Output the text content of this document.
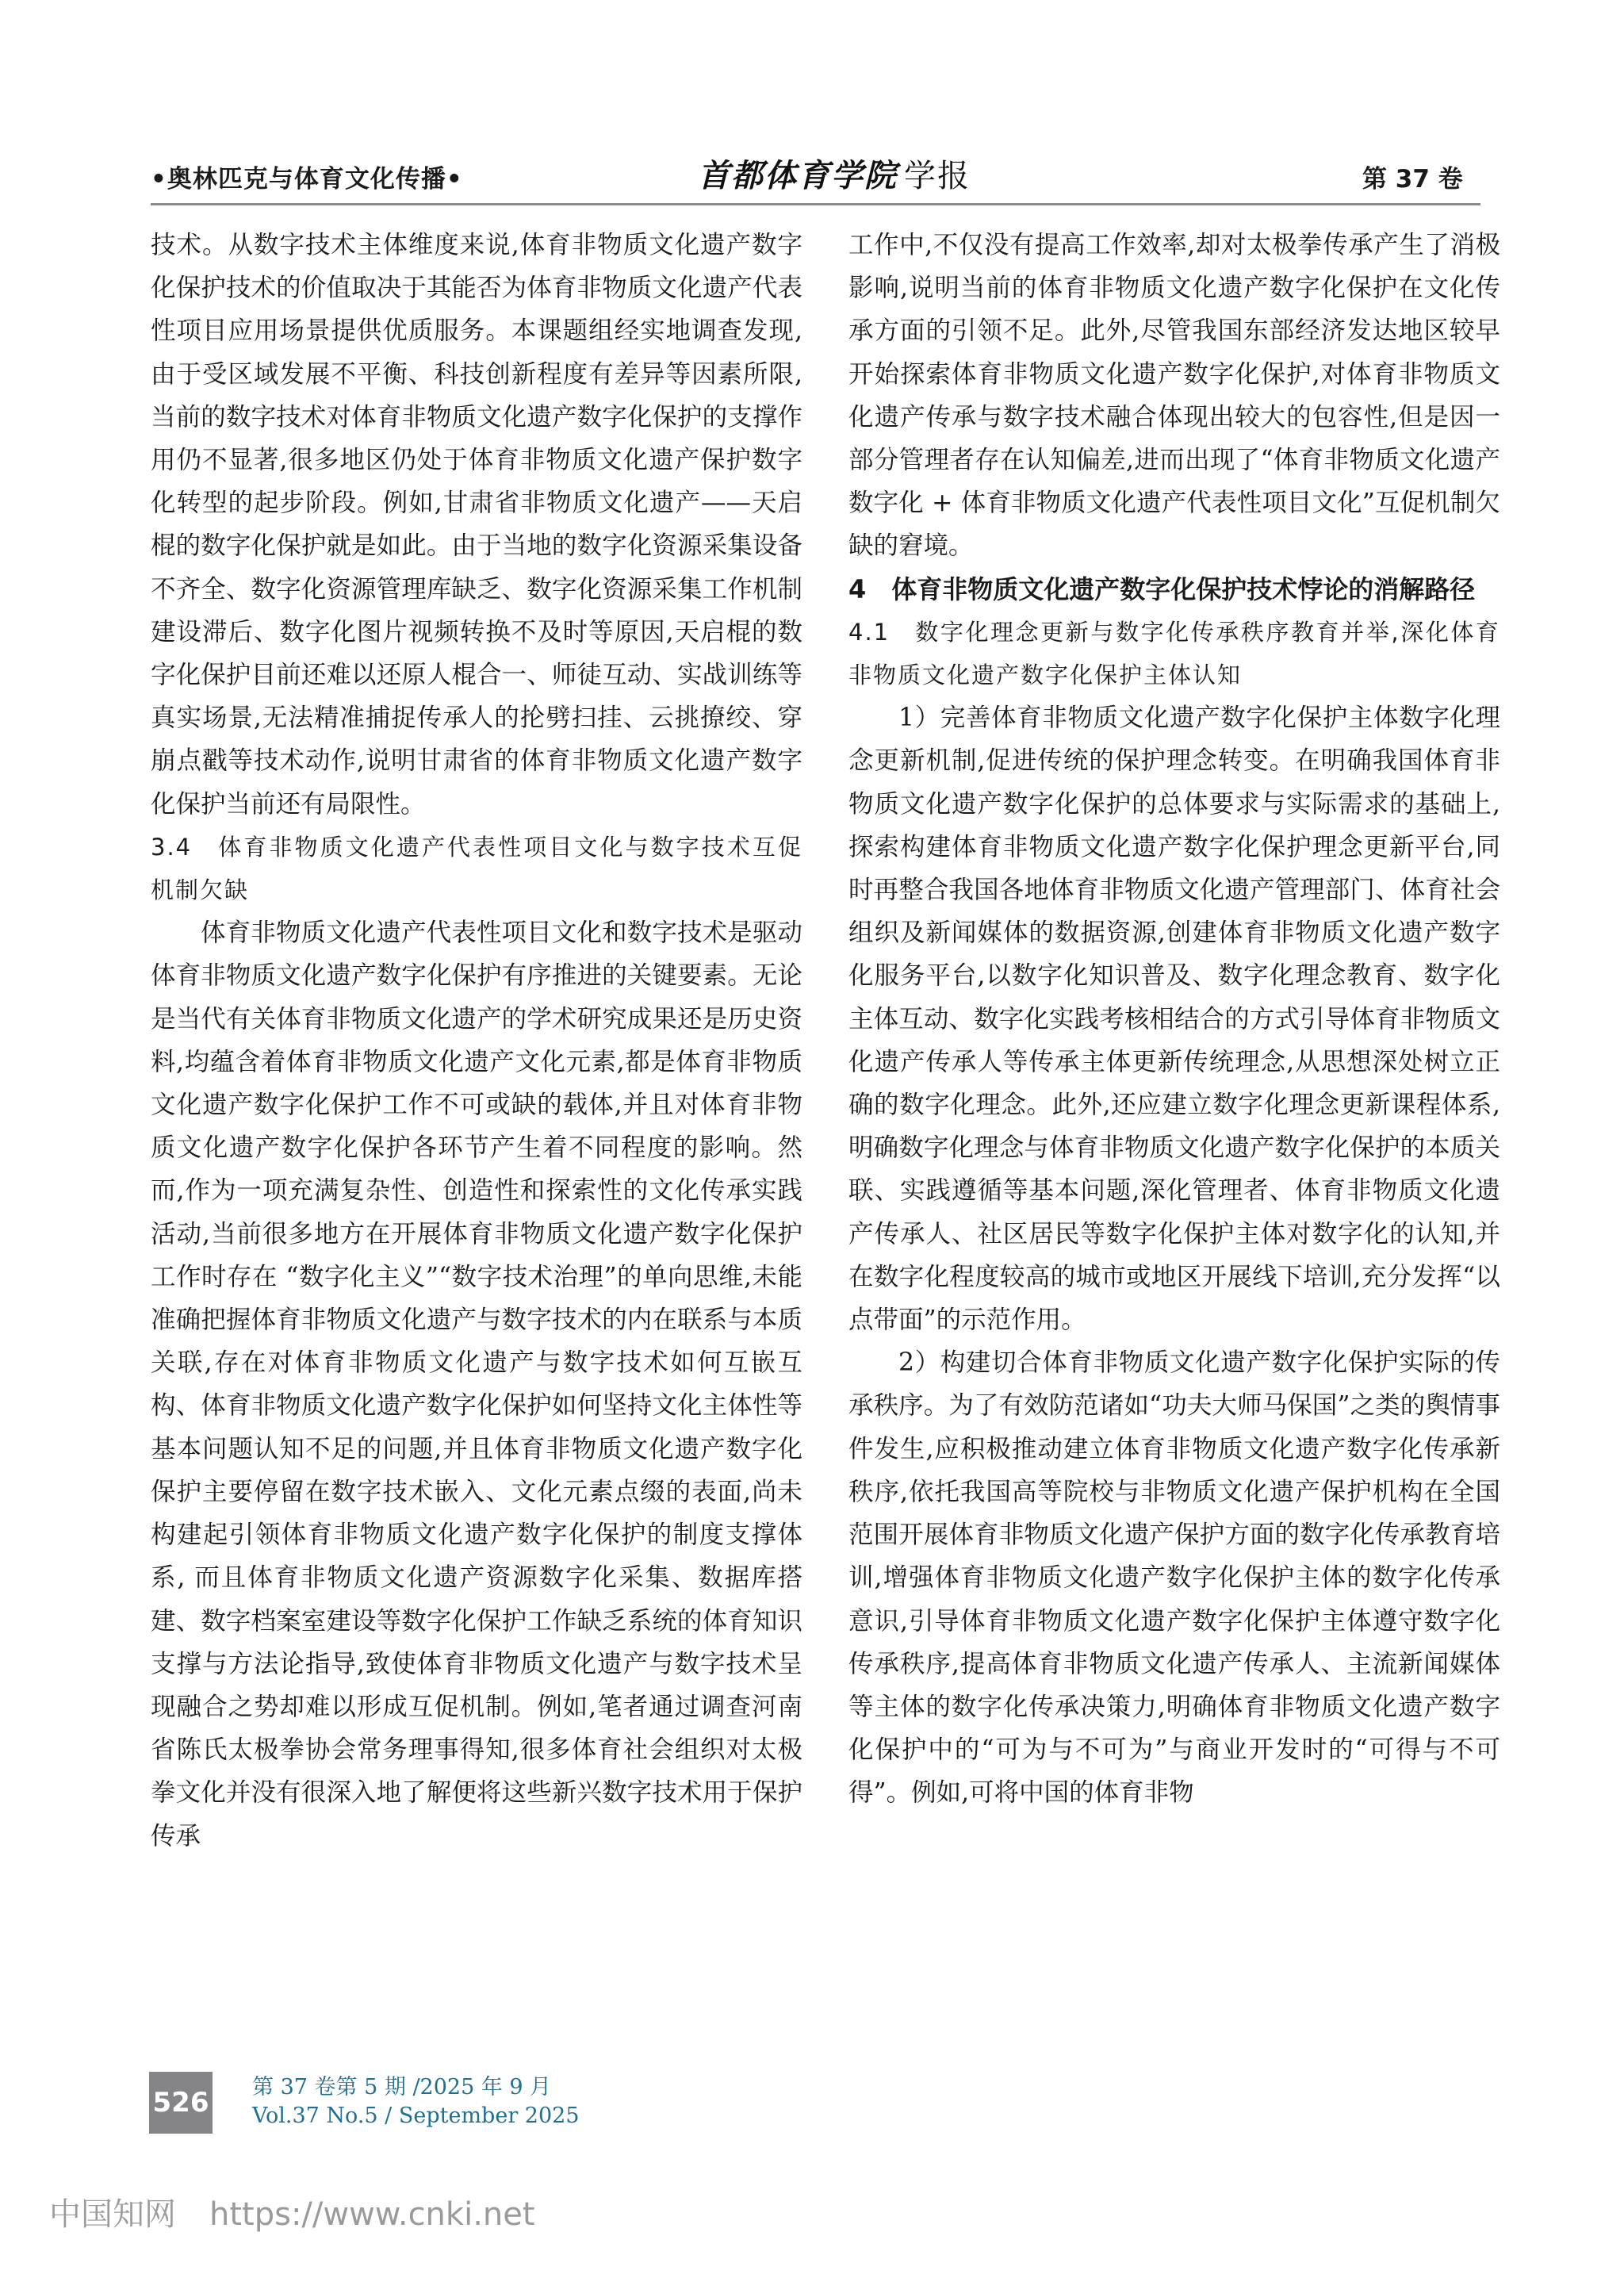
•奥林匹克与体育文化传播•	首都体育学院 学报	第 37 卷

技术。从数字技术主体维度来说,体育非物质文化遗产数字化保护技术的价值取决于其能否为体育非物质文化遗产代表性项目应用场景提供优质服务。本课题组经实地调查发现,由于受区域发展不平衡、科技创新程度有差异等因素所限,当前的数字技术对体育非物质文化遗产数字化保护的支撑作用仍不显著,很多地区仍处于体育非物质文化遗产保护数字化转型的起步阶段。例如,甘肃省非物质文化遗产——天启棍的数字化保护就是如此。由于当地的数字化资源采集设备不齐全、数字化资源管理库缺乏、数字化资源采集工作机制建设滞后、数字化图片视频转换不及时等原因,天启棍的数字化保护目前还难以还原人棍合一、师徒互动、实战训练等真实场景,无法精准捕捉传承人的抡劈扫挂、云挑撩绞、穿崩点戳等技术动作,说明甘肃省的体育非物质文化遗产数字化保护当前还有局限性。

3.4　体育非物质文化遗产代表性项目文化与数字技术互促机制欠缺

体育非物质文化遗产代表性项目文化和数字技术是驱动体育非物质文化遗产数字化保护有序推进的关键要素。无论是当代有关体育非物质文化遗产的学术研究成果还是历史资料,均蕴含着体育非物质文化遗产文化元素,都是体育非物质文化遗产数字化保护工作不可或缺的载体,并且对体育非物质文化遗产数字化保护各环节产生着不同程度的影响。然而,作为一项充满复杂性、创造性和探索性的文化传承实践活动,当前很多地方在开展体育非物质文化遗产数字化保护工作时存在 “数字化主义”“数字技术治理”的单向思维,未能准确把握体育非物质文化遗产与数字技术的内在联系与本质关联,存在对体育非物质文化遗产与数字技术如何互嵌互构、体育非物质文化遗产数字化保护如何坚持文化主体性等基本问题认知不足的问题,并且体育非物质文化遗产数字化保护主要停留在数字技术嵌入、文化元素点缀的表面,尚未构建起引领体育非物质文化遗产数字化保护的制度支撑体系, 而且体育非物质文化遗产资源数字化采集、数据库搭建、数字档案室建设等数字化保护工作缺乏系统的体育知识支撑与方法论指导,致使体育非物质文化遗产与数字技术呈现融合之势却难以形成互促机制。例如,笔者通过调查河南省陈氏太极拳协会常务理事得知,很多体育社会组织对太极拳文化并没有很深入地了解便将这些新兴数字技术用于保护传承

工作中,不仅没有提高工作效率,却对太极拳传承产生了消极影响,说明当前的体育非物质文化遗产数字化保护在文化传承方面的引领不足。此外,尽管我国东部经济发达地区较早开始探索体育非物质文化遗产数字化保护,对体育非物质文化遗产传承与数字技术融合体现出较大的包容性,但是因一部分管理者存在认知偏差,进而出现了“体育非物质文化遗产数字化 + 体育非物质文化遗产代表性项目文化”互促机制欠缺的窘境。

4　体育非物质文化遗产数字化保护技术悖论的消解路径

4.1　数字化理念更新与数字化传承秩序教育并举,深化体育非物质文化遗产数字化保护主体认知

1）完善体育非物质文化遗产数字化保护主体数字化理念更新机制,促进传统的保护理念转变。在明确我国体育非物质文化遗产数字化保护的总体要求与实际需求的基础上,探索构建体育非物质文化遗产数字化保护理念更新平台,同时再整合我国各地体育非物质文化遗产管理部门、体育社会组织及新闻媒体的数据资源,创建体育非物质文化遗产数字化服务平台,以数字化知识普及、数字化理念教育、数字化主体互动、数字化实践考核相结合的方式引导体育非物质文化遗产传承人等传承主体更新传统理念,从思想深处树立正确的数字化理念。此外,还应建立数字化理念更新课程体系,明确数字化理念与体育非物质文化遗产数字化保护的本质关联、实践遵循等基本问题,深化管理者、体育非物质文化遗产传承人、社区居民等数字化保护主体对数字化的认知,并在数字化程度较高的城市或地区开展线下培训,充分发挥“以点带面”的示范作用。

2）构建切合体育非物质文化遗产数字化保护实际的传承秩序。为了有效防范诸如“功夫大师马保国”之类的舆情事件发生,应积极推动建立体育非物质文化遗产数字化传承新秩序,依托我国高等院校与非物质文化遗产保护机构在全国范围开展体育非物质文化遗产保护方面的数字化传承教育培训,增强体育非物质文化遗产数字化保护主体的数字化传承意识,引导体育非物质文化遗产数字化保护主体遵守数字化传承秩序,提高体育非物质文化遗产传承人、主流新闻媒体等主体的数字化传承决策力,明确体育非物质文化遗产数字化保护中的“可为与不可为”与商业开发时的“可得与不可得”。例如,可将中国的体育非物

526 第 37 卷第 5 期 /2025 年 9 月
Vol.37 No.5 / September 2025
中国知网 https://www.cnki.net
